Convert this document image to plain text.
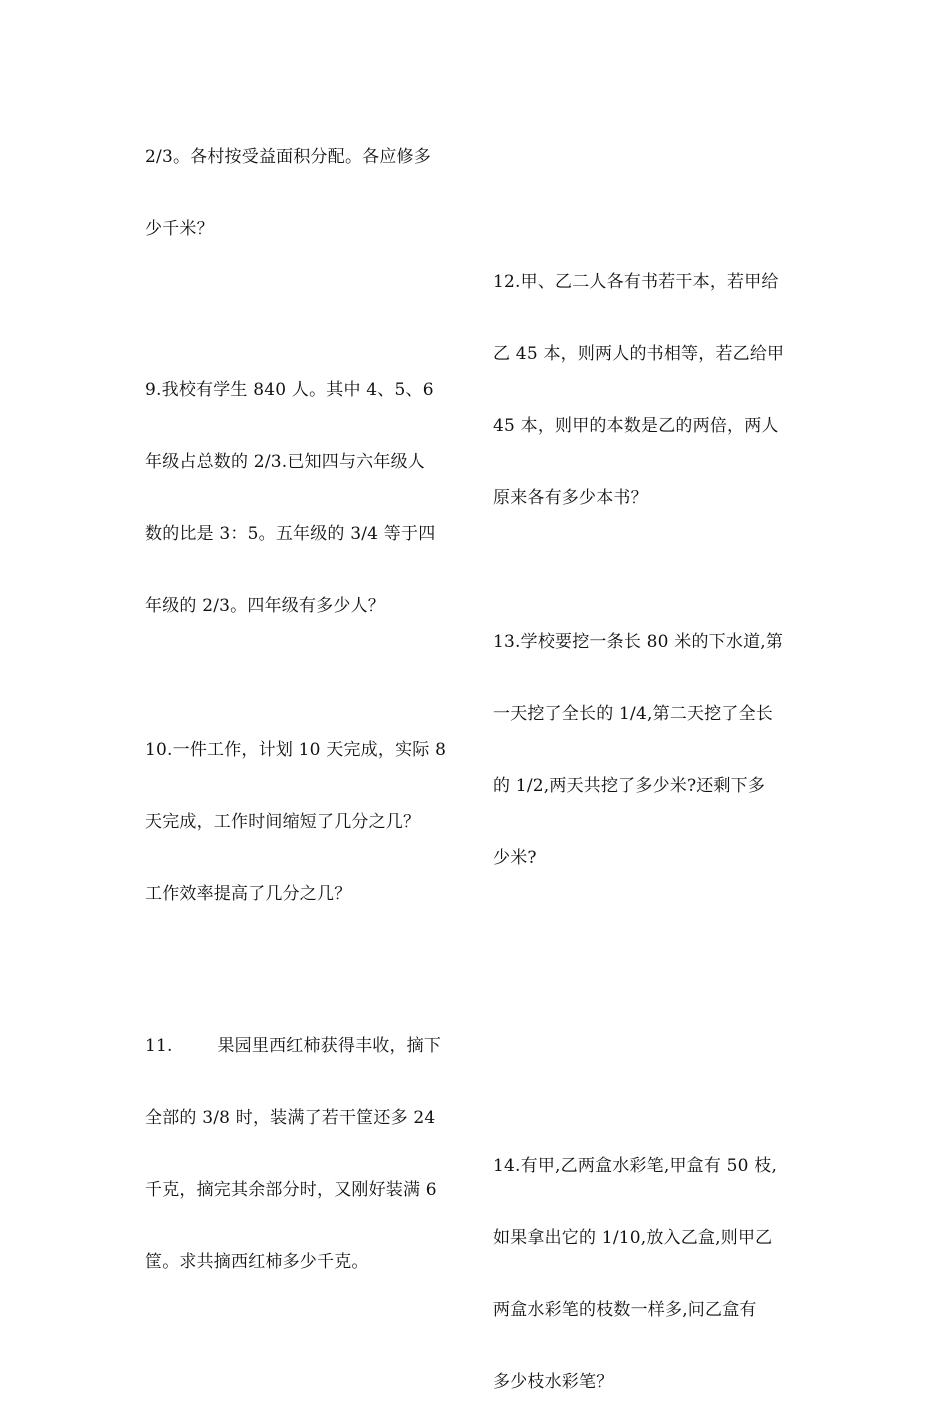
2/3。各村按受益面积分配。各应修多

少千米？

12.甲、乙二人各有书若干本，若甲给

乙 45 本，则两人的书相等，若乙给甲

45 本，则甲的本数是乙的两倍，两人

原来各有多少本书？

9.我校有学生 840 人。其中 4、5、6

年级占总数的 2/3.已知四与六年级人

数的比是 3：5。五年级的 3/4 等于四

年级的 2/3。四年级有多少人？

13.学校要挖一条长 80 米的下水道,第

一天挖了全长的 1/4,第二天挖了全长

的 1/2,两天共挖了多少米?还剩下多

少米?

10.一件工作，计划 10 天完成，实际 8

天完成，工作时间缩短了几分之几？

工作效率提高了几分之几？

11.        果园里西红柿获得丰收，摘下

全部的 3/8 时，装满了若干筐还多 24

千克，摘完其余部分时，又刚好装满 6

筐。求共摘西红柿多少千克。

14.有甲,乙两盒水彩笔,甲盒有 50 枝,

如果拿出它的 1/10,放入乙盒,则甲乙

两盒水彩笔的枝数一样多,问乙盒有

多少枝水彩笔？
